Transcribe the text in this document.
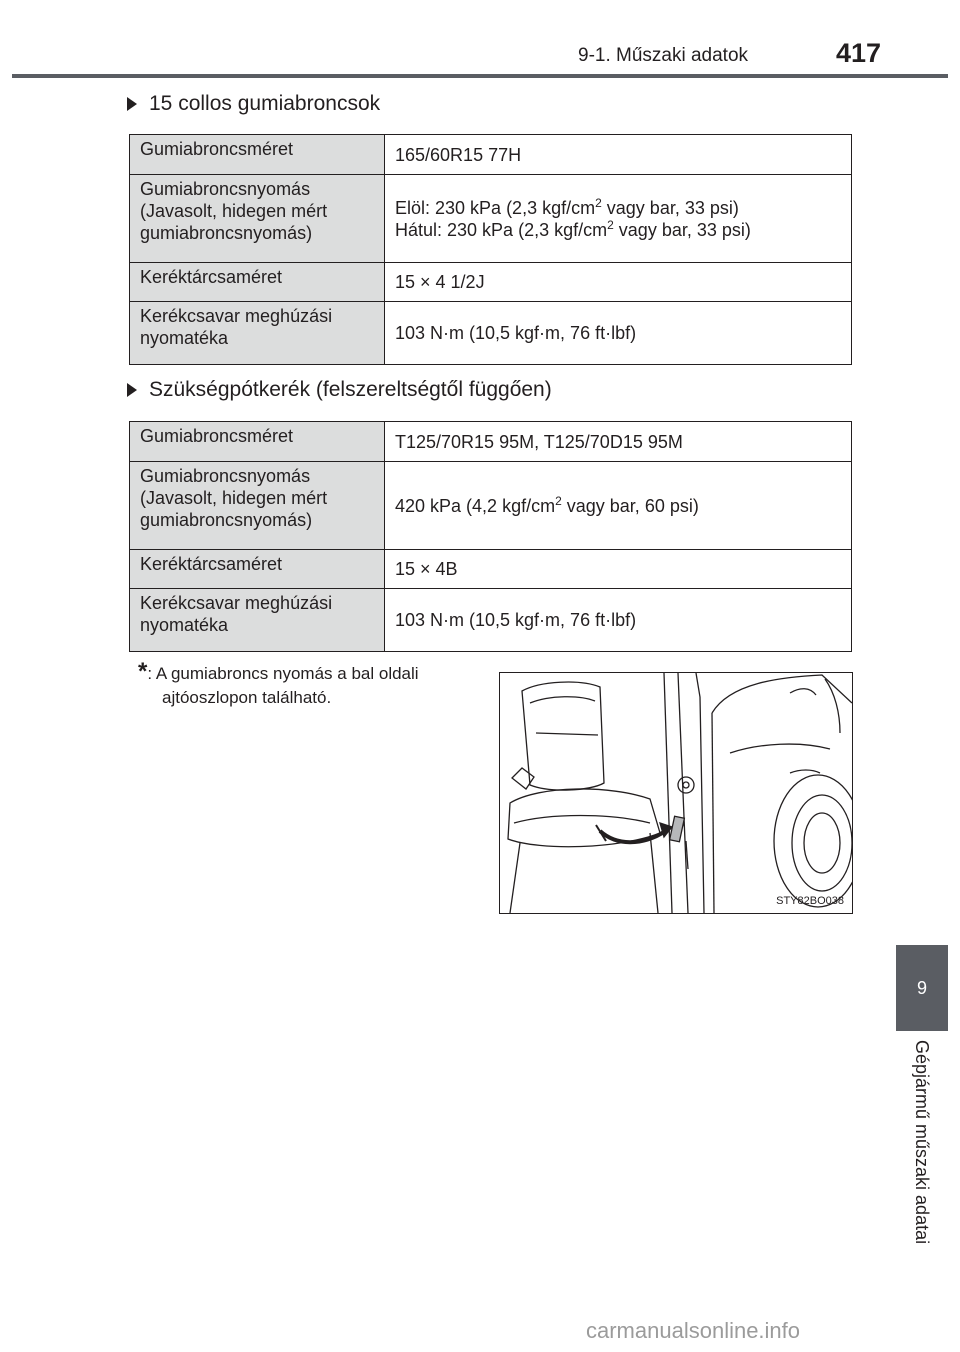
9-1. Műszaki adatok	417
15 collos gumiabroncsok
Gumiabroncsméret	165/60R15 77H
Gumiabroncsnyomás (Javasolt, hidegen mért gumiabroncsnyomás)	Elöl: 230 kPa (2,3 kgf/$cm^2$ vagy bar, 33 psi)
Hátul: 230 kPa (2,3 kgf/$cm^2$ vagy bar, 33 psi)

Keréktárcsaméret	15 × 4 1/2J
Kerékcsavar meghúzási nyomatéka	103 N·m (10,5 kgf·m, 76 ft·lbf)
Szükségpótkerék (felszereltségtől függően)
Gumiabroncsméret	T125/70R15 95M, T125/70D15 95M
Gumiabroncsnyomás (Javasolt, hidegen mért gumiabroncsnyomás)	420 kPa (4,2 kgf/$cm^2$ vagy bar, 60 psi)
Keréktárcsaméret	15 × 4B
Kerékcsavar meghúzási nyomatéka	103 N·m (10,5 kgf·m, 76 ft·lbf)
*: A gumiabroncs nyomás a bal oldali
ajtóoszlopon található.
STY82BO038
9
Gépjármű műszaki adatai
carmanualsonline.info
